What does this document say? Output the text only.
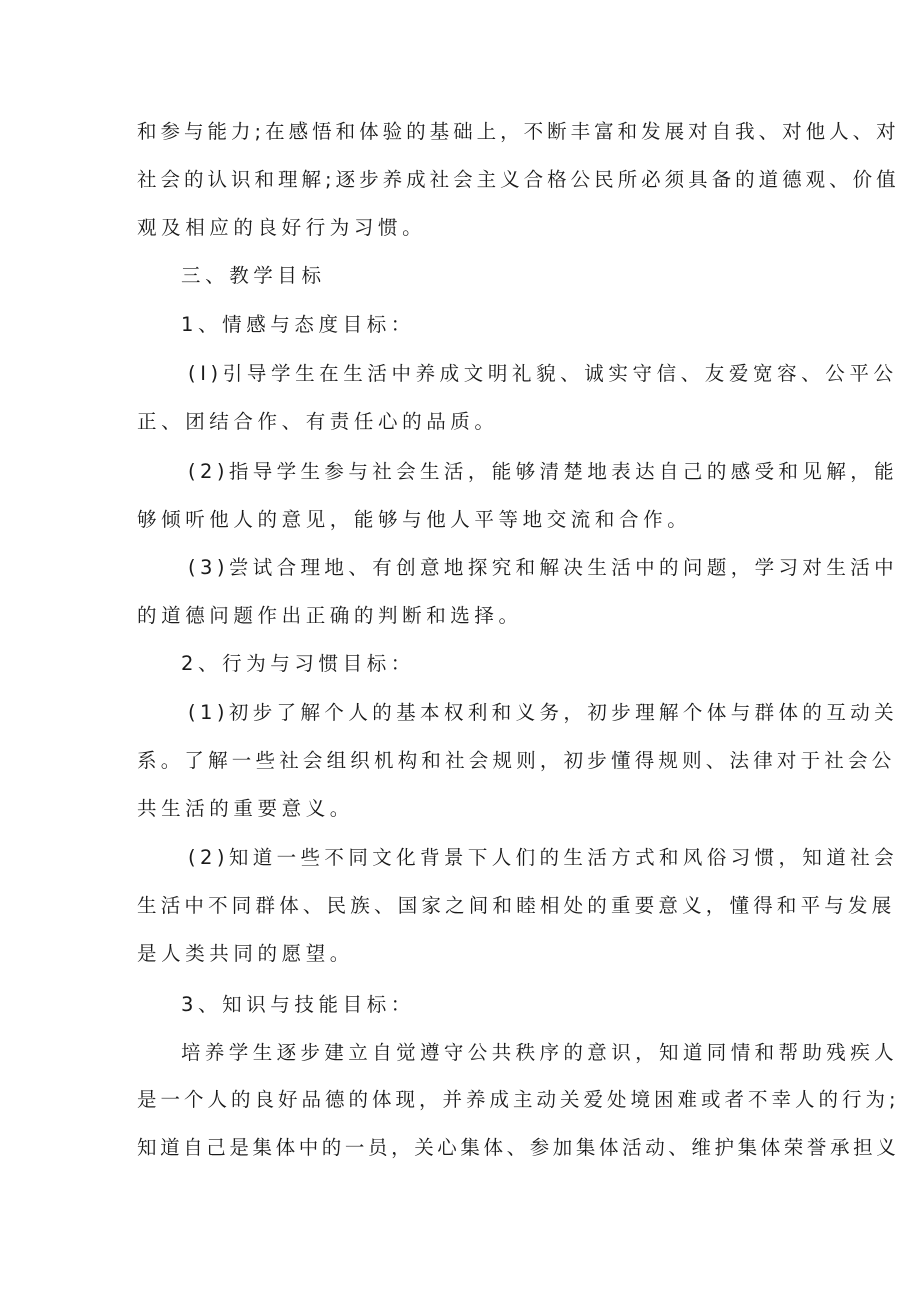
和参与能力;在感悟和体验的基础上，不断丰富和发展对自我、对他人、对
社会的认识和理解;逐步养成社会主义合格公民所必须具备的道德观、价值
观及相应的良好行为习惯。
三、教学目标
1、情感与态度目标：
(I)引导学生在生活中养成文明礼貌、诚实守信、友爱宽容、公平公
正、团结合作、有责任心的品质。
(2)指导学生参与社会生活，能够清楚地表达自己的感受和见解，能
够倾听他人的意见，能够与他人平等地交流和合作。
(3)尝试合理地、有创意地探究和解决生活中的问题，学习对生活中
的道德问题作出正确的判断和选择。
2、行为与习惯目标：
(1)初步了解个人的基本权利和义务，初步理解个体与群体的互动关
系。了解一些社会组织机构和社会规则，初步懂得规则、法律对于社会公
共生活的重要意义。
(2)知道一些不同文化背景下人们的生活方式和风俗习惯，知道社会
生活中不同群体、民族、国家之间和睦相处的重要意义，懂得和平与发展
是人类共同的愿望。
3、知识与技能目标：
培养学生逐步建立自觉遵守公共秩序的意识，知道同情和帮助残疾人
是一个人的良好品德的体现，并养成主动关爱处境困难或者不幸人的行为;
知道自己是集体中的一员，关心集体、参加集体活动、维护集体荣誉承担义
